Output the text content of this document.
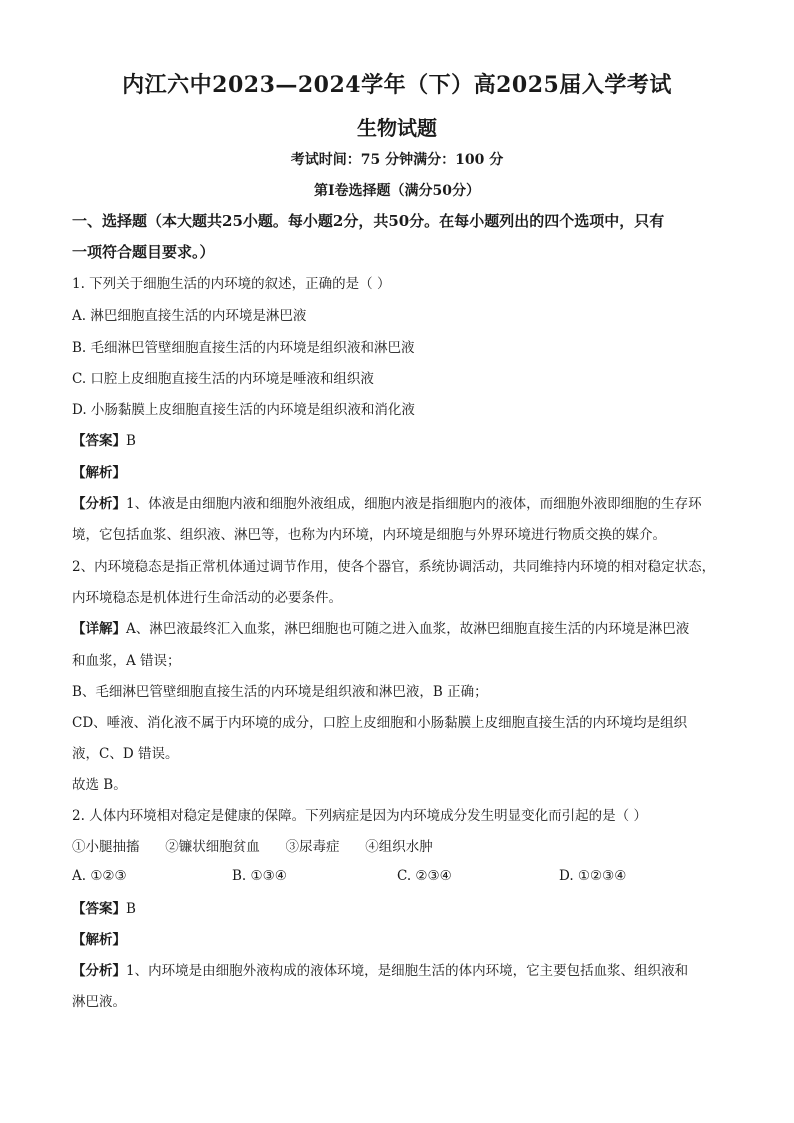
内江六中2023—2024学年（下）高2025届入学考试
生物试题
考试时间：75 分钟满分：100 分
第Ⅰ卷选择题（满分50分）
一、选择题（本大题共25小题。每小题2分，共50分。在每小题列出的四个选项中，只有
一项符合题目要求。）
1. 下列关于细胞生活的内环境的叙述，正确的是（ ）
A. 淋巴细胞直接生活的内环境是淋巴液
B. 毛细淋巴管壁细胞直接生活的内环境是组织液和淋巴液
C. 口腔上皮细胞直接生活的内环境是唾液和组织液
D. 小肠黏膜上皮细胞直接生活的内环境是组织液和消化液
【答案】B
【解析】
【分析】1、体液是由细胞内液和细胞外液组成，细胞内液是指细胞内的液体，而细胞外液即细胞的生存环
境，它包括血浆、组织液、淋巴等，也称为内环境，内环境是细胞与外界环境进行物质交换的媒介。
2、内环境稳态是指正常机体通过调节作用，使各个器官，系统协调活动，共同维持内环境的相对稳定状态，
内环境稳态是机体进行生命活动的必要条件。
【详解】A、淋巴液最终汇入血浆，淋巴细胞也可随之进入血浆，故淋巴细胞直接生活的内环境是淋巴液
和血浆，A 错误；
B、毛细淋巴管壁细胞直接生活的内环境是组织液和淋巴液，B 正确；
CD、唾液、消化液不属于内环境的成分，口腔上皮细胞和小肠黏膜上皮细胞直接生活的内环境均是组织
液，C、D 错误。
故选 B。
2. 人体内环境相对稳定是健康的保障。下列病症是因为内环境成分发生明显变化而引起的是（ ）
①小腿抽搐      ②镰状细胞贫血      ③尿毒症      ④组织水肿
A. ①②③	B. ①③④	C. ②③④	D. ①②③④
【答案】B
【解析】
【分析】1、内环境是由细胞外液构成的液体环境，是细胞生活的体内环境，它主要包括血浆、组织液和
淋巴液。
